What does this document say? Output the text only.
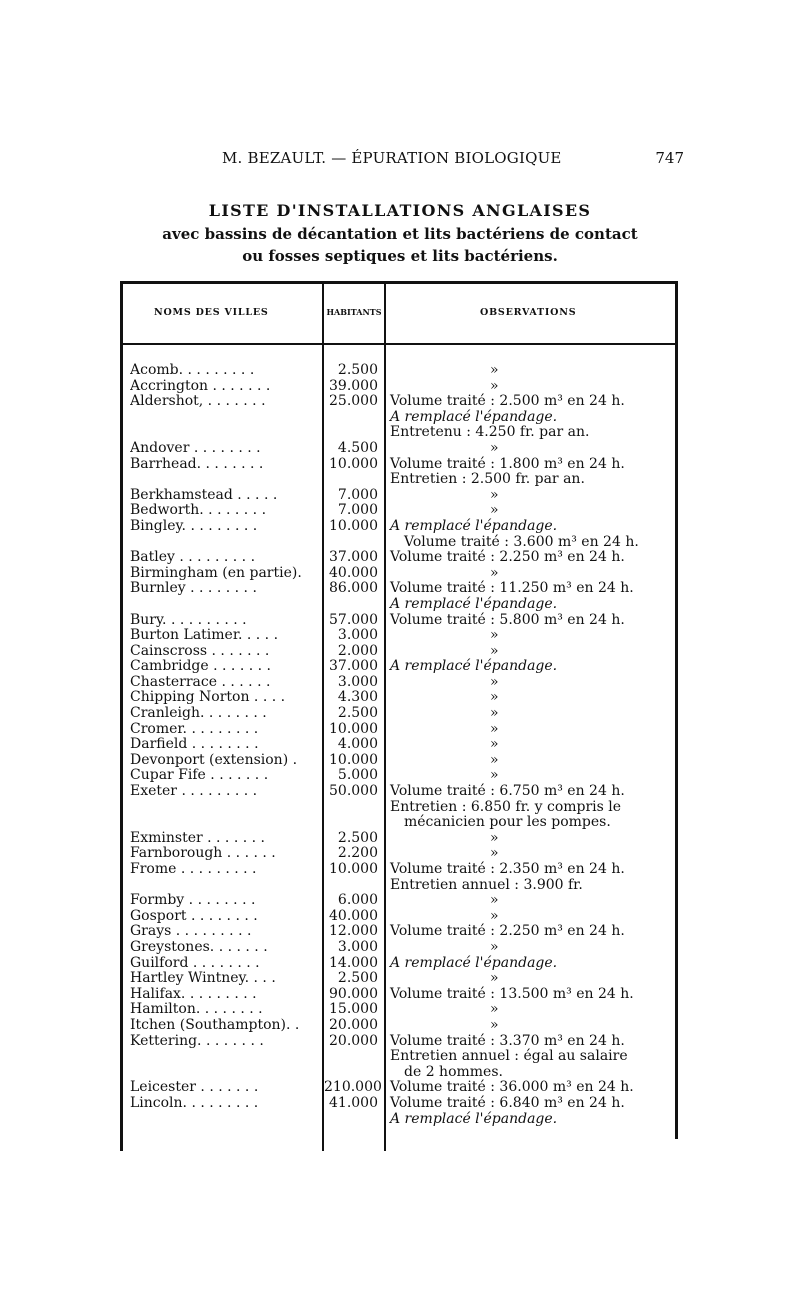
M. BEZAULT. — ÉPURATION BIOLOGIQUE	747
LISTE D'INSTALLATIONS ANGLAISES
avec bassins de décantation et lits bactériens de contact
ou fosses septiques et lits bactériens.
NOMS DES VILLES	HABITANTS	OBSERVATIONS
Acomb. . . . . . . . .	2.500	»
Accrington . . . . . . .	39.000	»
Aldershot, . . . . . . .	25.000 Volume traité : 2.500 m³ en 24 h.
A remplacé l'épandage.
Entretenu : 4.250 fr. par an.
Andover . . . . . . . .	4.500	»
Barrhead. . . . . . . .	10.000 Volume traité : 1.800 m³ en 24 h.
Entretien : 2.500 fr. par an.
Berkhamstead . . . . .	7.000	»
Bedworth. . . . . . . .	7.000	»
Bingley. . . . . . . . .	10.000 A remplacé l'épandage.
Volume traité : 3.600 m³ en 24 h.
Batley . . . . . . . . .	37.000 Volume traité : 2.250 m³ en 24 h.
Birmingham (en partie).	40.000	»
Burnley . . . . . . . .	86.000 Volume traité : 11.250 m³ en 24 h.
A remplacé l'épandage.
Bury. . . . . . . . . .	57.000 Volume traité : 5.800 m³ en 24 h.
Burton Latimer. . . . .	3.000	»
Cainscross . . . . . . .	2.000	»
Cambridge . . . . . . .	37.000 A remplacé l'épandage.
Chasterrace . . . . . .	3.000	»
Chipping Norton . . . .	4.300	»
Cranleigh. . . . . . . .	2.500	»
Cromer. . . . . . . . .	10.000	»
Darfield . . . . . . . .	4.000	»
Devonport (extension) .	10.000	»
Cupar Fife . . . . . . .	5.000	»
Exeter . . . . . . . . .	50.000 Volume traité : 6.750 m³ en 24 h.
Entretien : 6.850 fr. y compris le
mécanicien pour les pompes.
Exminster . . . . . . .	2.500	»
Farnborough . . . . . .	2.200	»
Frome . . . . . . . . .	10.000 Volume traité : 2.350 m³ en 24 h.
Entretien annuel : 3.900 fr.
Formby . . . . . . . .	6.000	»
Gosport . . . . . . . .	40.000	»
Grays . . . . . . . . .	12.000 Volume traité : 2.250 m³ en 24 h.
Greystones. . . . . . .	3.000	»
Guilford . . . . . . . .	14.000 A remplacé l'épandage.
Hartley Wintney. . . .	2.500	»
Halifax. . . . . . . . .	90.000 Volume traité : 13.500 m³ en 24 h.
Hamilton. . . . . . . .	15.000	»
Itchen (Southampton). .	20.000	»
Kettering. . . . . . . .	20.000 Volume traité : 3.370 m³ en 24 h.
Entretien annuel : égal au salaire
de 2 hommes.
Leicester . . . . . . .	210.000 Volume traité : 36.000 m³ en 24 h.
Lincoln. . . . . . . . .	41.000 Volume traité : 6.840 m³ en 24 h.
A remplacé l'épandage.
